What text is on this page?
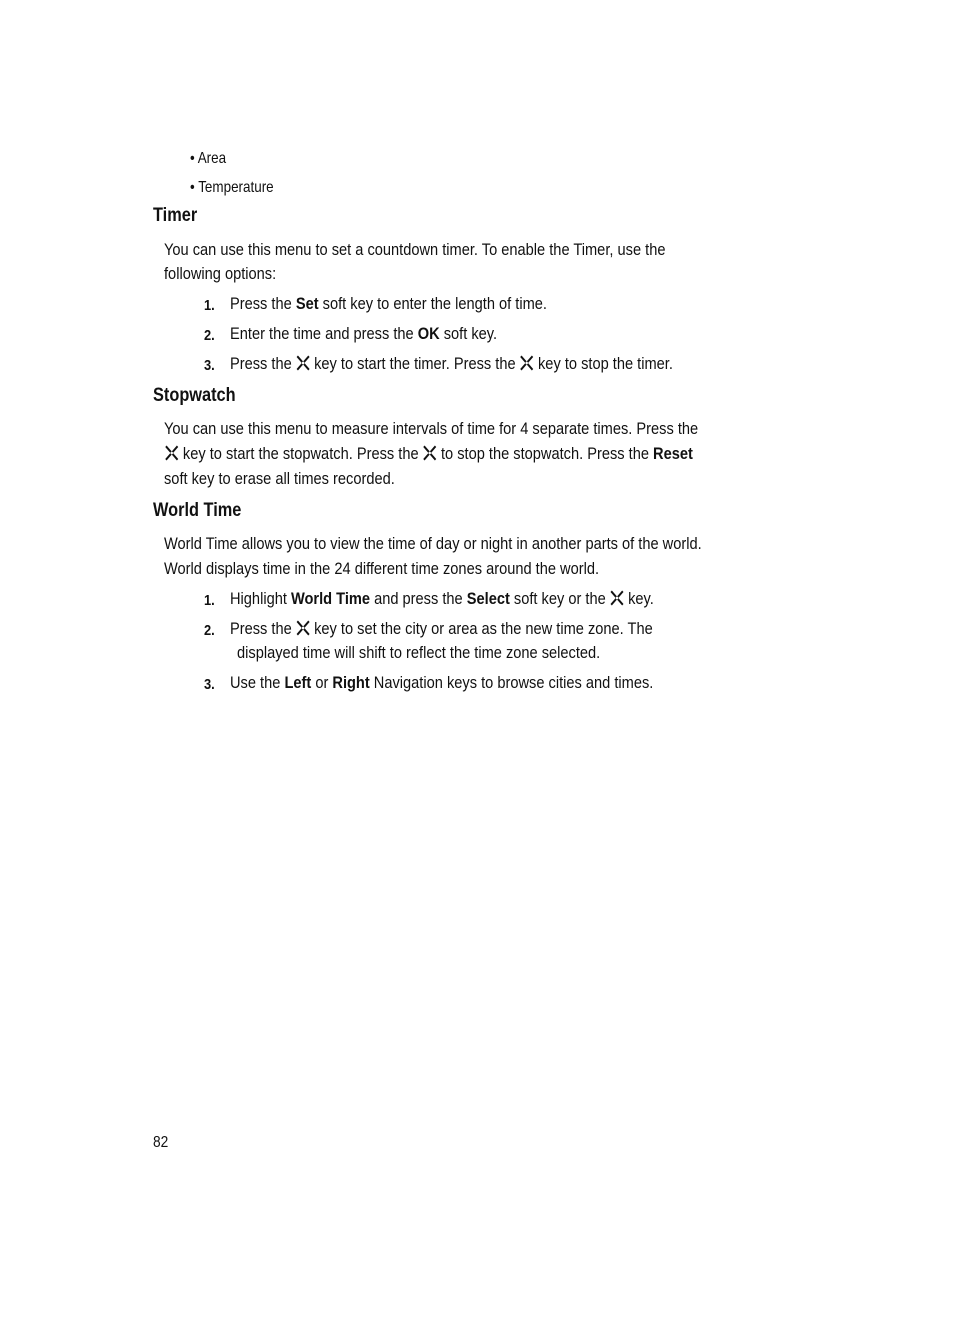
• Area
• Temperature
Timer
You can use this menu to set a countdown timer. To enable the Timer, use the
following options:
1. Press the Set soft key to enter the length of time.
2. Enter the time and press the OK soft key.
3. Press the key to start the timer. Press the key to stop the timer.
Stopwatch
You can use this menu to measure intervals of time for 4 separate times. Press the
key to start the stopwatch. Press the to stop the stopwatch. Press the Reset
soft key to erase all times recorded.
World Time
World Time allows you to view the time of day or night in another parts of the world.
World displays time in the 24 different time zones around the world.
1. Highlight World Time and press the Select soft key or the key.
2. Press the key to set the city or area as the new time zone. The
displayed time will shift to reflect the time zone selected.
3. Use the Left or Right Navigation keys to browse cities and times.
82
